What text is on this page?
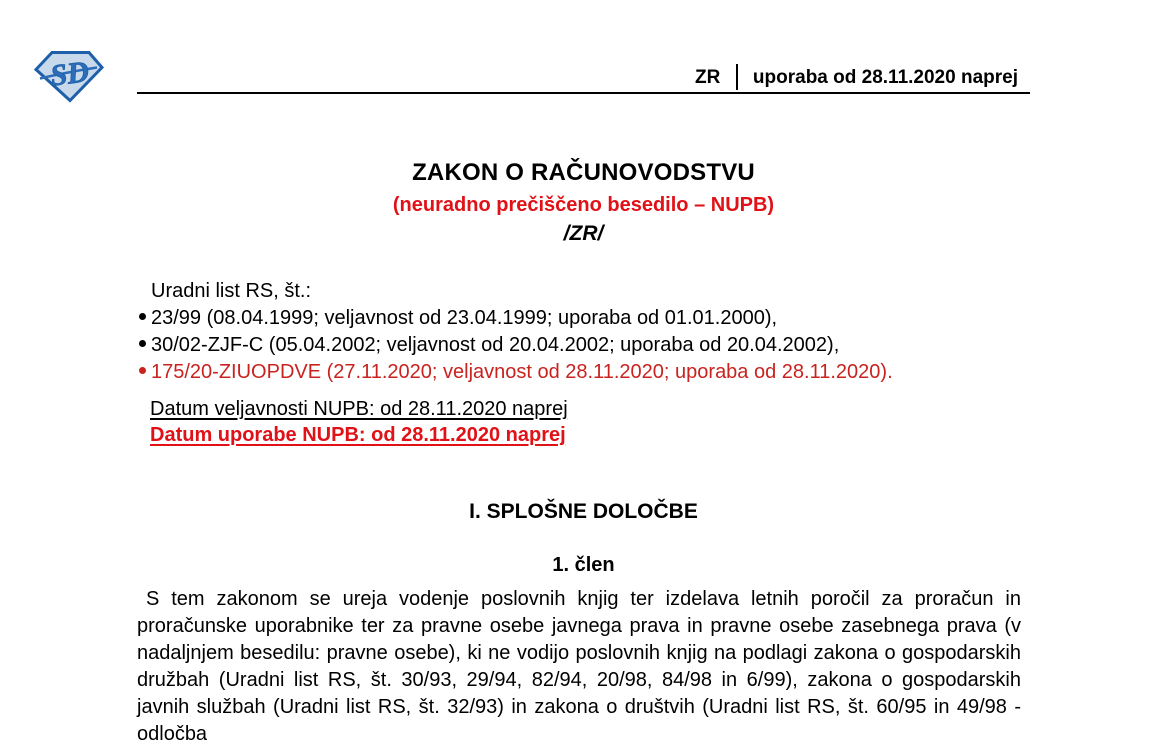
SD	ZR uporaba od 28.11.2020 naprej
ZAKON O RAČUNOVODSTVU
(neuradno prečiščeno besedilo – NUPB)
/ZR/
Uradni list RS, št.:
23/99 (08.04.1999; veljavnost od 23.04.1999; uporaba od 01.01.2000),
30/02-ZJF-C (05.04.2002; veljavnost od 20.04.2002; uporaba od 20.04.2002),
175/20-ZIUOPDVE (27.11.2020; veljavnost od 28.11.2020; uporaba od 28.11.2020).
Datum veljavnosti NUPB: od 28.11.2020 naprej
Datum uporabe NUPB: od 28.11.2020 naprej
I. SPLOŠNE DOLOČBE
1. člen
S tem zakonom se ureja vodenje poslovnih knjig ter izdelava letnih poročil za proračun in proračunske uporabnike ter za pravne osebe javnega prava in pravne osebe zasebnega prava (v nadaljnjem besedilu: pravne osebe), ki ne vodijo poslovnih knjig na podlagi zakona o gospodarskih družbah (Uradni list RS, št. 30/93, 29/94, 82/94, 20/98, 84/98 in 6/99), zakona o gospodarskih javnih službah (Uradni list RS, št. 32/93) in zakona o društvih (Uradni list RS, št. 60/95 in 49/98 - odločba
